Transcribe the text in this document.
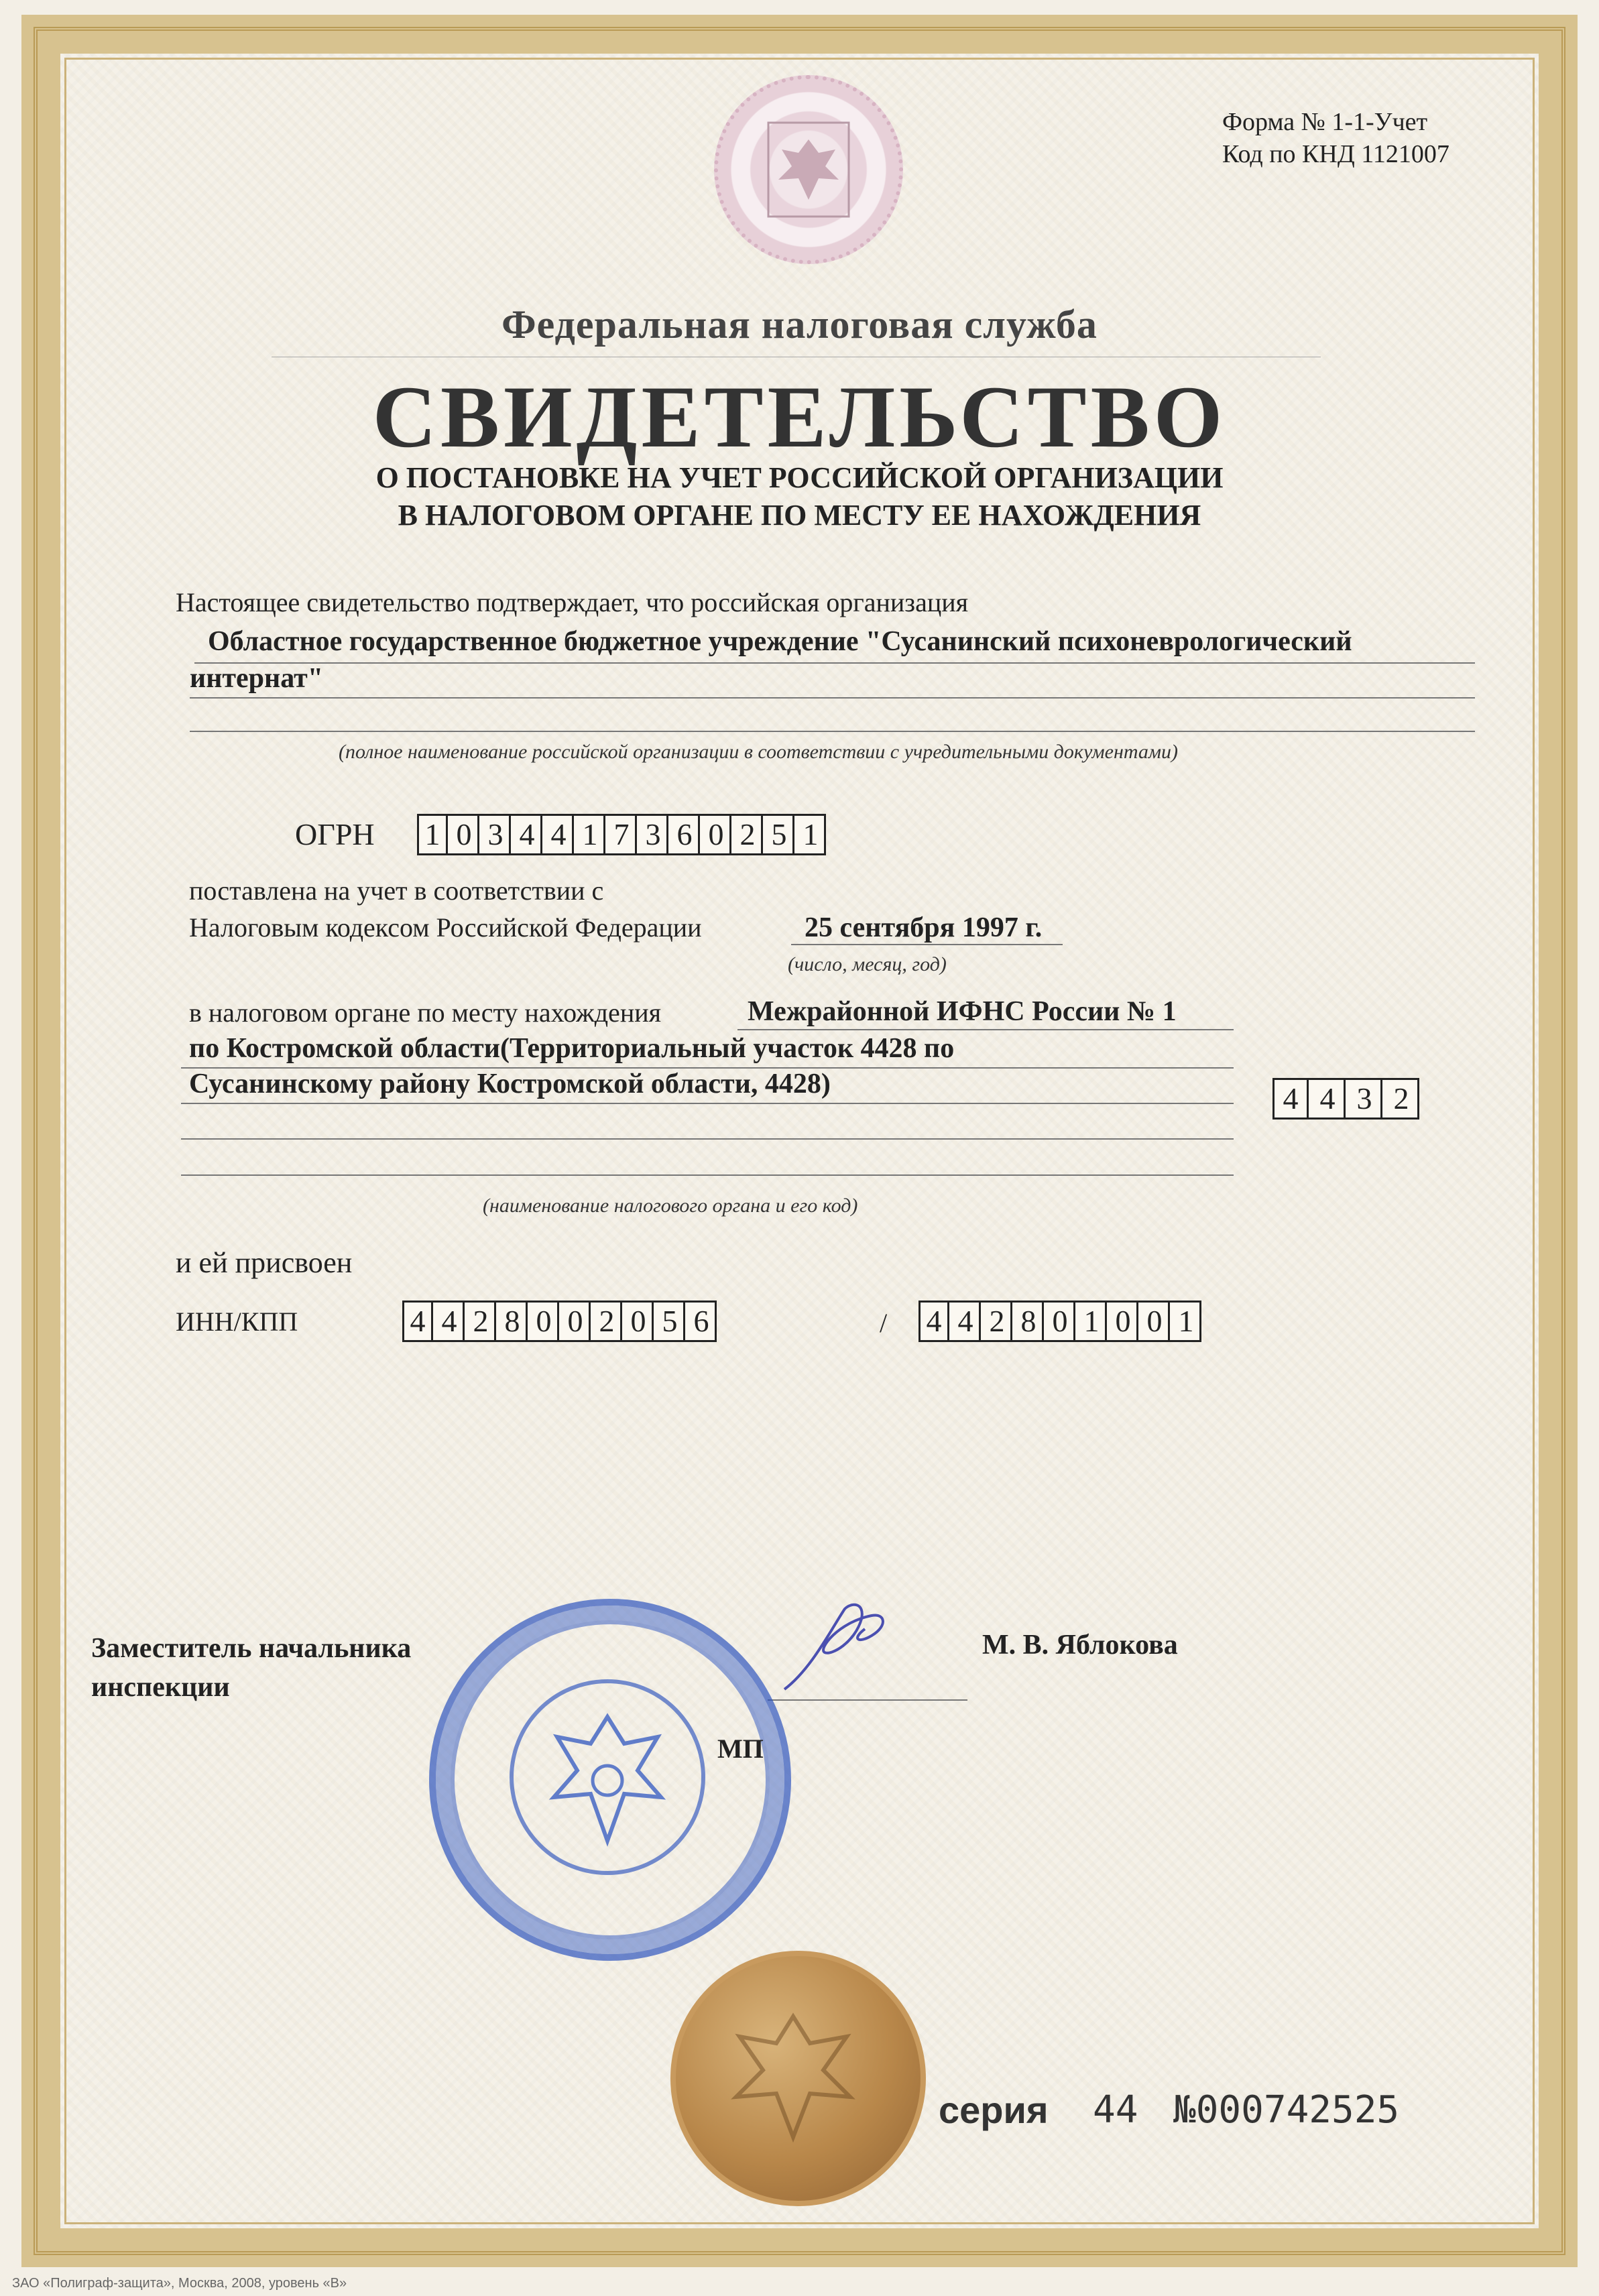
Форма № 1-1-Учет
Код по КНД 1121007
Федеральная налоговая служба
СВИДЕТЕЛЬСТВО
О ПОСТАНОВКЕ НА УЧЕТ РОССИЙСКОЙ ОРГАНИЗАЦИИ
В НАЛОГОВОМ ОРГАНЕ ПО МЕСТУ ЕЕ НАХОЖДЕНИЯ
Настоящее свидетельство подтверждает, что российская организация
Областное государственное бюджетное учреждение "Сусанинский психоневрологический
интернат"
(полное наименование российской организации в соответствии с учредительными документами)
ОГРН 1 0 3 4 4 1 7 3 6 0 2 5 1
поставлена на учет в соответствии с
Налоговым кодексом Российской Федерации	25 сентября 1997 г.
(число, месяц, год)
в налоговом органе по месту нахождения	Межрайонной ИФНС России № 1
по Костромской области(Территориальный участок 4428 по
Сусанинскому району Костромской области, 4428)	4 4 3 2
(наименование налогового органа и его код)
и ей присвоен
ИНН/КПП	4 4 2 8 0 0 2 0 5 6	/ 4 4 2 8 0 1 0 0 1
Заместитель начальника
инспекции
М. В. Яблокова
МП
серия 44 №000742525
ЗАО «Полиграф-защита», Москва, 2008, уровень «В»
